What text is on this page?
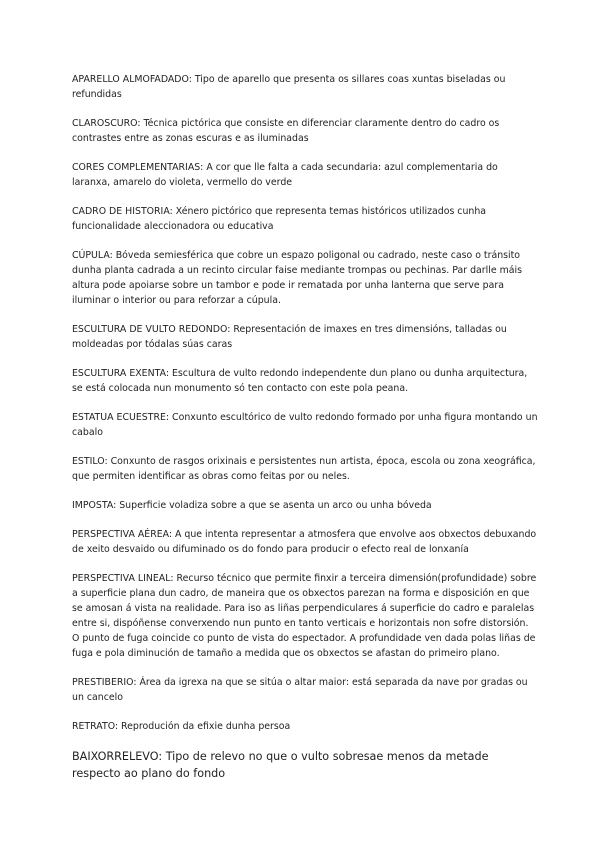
APARELLO ALMOFADADO: Tipo de aparello que presenta os sillares coas xuntas biseladas ou refundidas

CLAROSCURO: Técnica pictórica que consiste en diferenciar claramente dentro do cadro os contrastes entre as zonas escuras e as iluminadas

CORES COMPLEMENTARIAS: A cor que lle falta a cada secundaria: azul complementaria do laranxa, amarelo do violeta, vermello do verde

CADRO DE HISTORIA: Xénero pictórico que representa temas históricos utilizados cunha funcionalidade aleccionadora ou educativa

CÚPULA: Bóveda semiesférica que cobre un espazo poligonal ou cadrado, neste caso o tránsito dunha planta cadrada a un recinto circular faise mediante trompas ou pechinas. Par darlle máis altura pode apoiarse sobre un tambor e pode ir rematada por unha lanterna que serve para iluminar o interior ou para reforzar a cúpula.

ESCULTURA DE VULTO REDONDO: Representación de imaxes en tres dimensións, talladas ou moldeadas por tódalas súas caras

ESCULTURA EXENTA: Escultura de vulto redondo independente dun plano ou dunha arquitectura, se está colocada nun monumento só ten contacto con este pola peana.

ESTATUA ECUESTRE: Conxunto escultórico de vulto redondo formado por unha figura montando un cabalo

ESTILO: Conxunto de rasgos orixinais e persistentes nun artista, época, escola ou zona xeográfica, que permiten identificar as obras como feitas por ou neles.

IMPOSTA: Superficie voladiza sobre a que se asenta un arco ou unha bóveda

PERSPECTIVA AÉREA: A que intenta representar a atmosfera que envolve aos obxectos debuxando de xeito desvaido ou difuminado os do fondo para producir o efecto real de lonxanía

PERSPECTIVA LINEAL: Recurso técnico que permite finxir a terceira dimensión(profundidade) sobre a superficie plana dun cadro, de maneira que os obxectos parezan na forma e disposición en que se amosan á vista na realidade. Para iso as liñas perpendiculares á superficie do cadro e paralelas entre si, dispóñense converxendo nun punto en tanto verticais e horizontais non sofre distorsión. O punto de fuga coincide co punto de vista do espectador. A profundidade ven dada polas liñas de fuga e pola diminución de tamaño a medida que os obxectos se afastan do primeiro plano.

PRESTIBERIO: Área da igrexa na que se sitúa o altar maior: está separada da nave por gradas ou un cancelo

RETRATO: Reprodución da efixie dunha persoa

BAIXORRELEVO: Tipo de relevo no que o vulto sobresae menos da metade respecto ao plano do fondo
